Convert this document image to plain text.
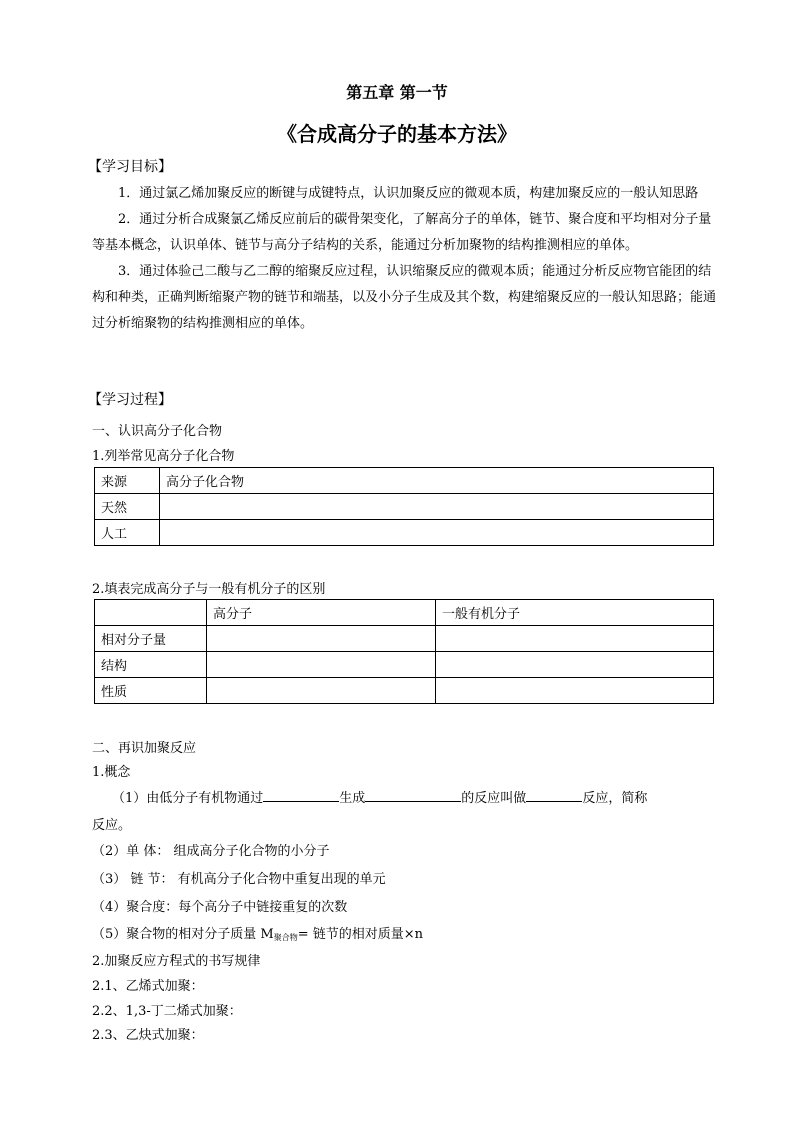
第五章 第一节
《合成高分子的基本方法》
【学习目标】

1．通过氯乙烯加聚反应的断键与成键特点，认识加聚反应的微观本质，构建加聚反应的一般认知思路

2．通过分析合成聚氯乙烯反应前后的碳骨架变化，了解高分子的单体，链节、聚合度和平均相对分子量等基本概念，认识单体、链节与高分子结构的关系，能通过分析加聚物的结构推测相应的单体。

3．通过体验己二酸与乙二醇的缩聚反应过程，认识缩聚反应的微观本质；能通过分析反应物官能团的结构和种类，正确判断缩聚产物的链节和端基，以及小分子生成及其个数，构建缩聚反应的一般认知思路；能通过分析缩聚物的结构推测相应的单体。

【学习过程】
一、认识高分子化合物
1.列举常见高分子化合物
来源	高分子化合物
天然	
人工	
2.填表完成高分子与一般有机分子的区别
	高分子	一般有机分子
相对分子量		
结构		
性质		
二、再识加聚反应
1.概念
（1）由低分子有机物通过	生成	的反应叫做	反应，简称
反应。
（2）单 体： 组成高分子化合物的小分子
（3） 链 节： 有机高分子化合物中重复出现的单元
（4）聚合度：每个高分子中链接重复的次数
（5）聚合物的相对分子质量 $M_{聚合物}=$ 链节的相对质量×n
2.加聚反应方程式的书写规律
2.1、乙烯式加聚：
2.2、1,3-丁二烯式加聚：
2.3、乙炔式加聚：
